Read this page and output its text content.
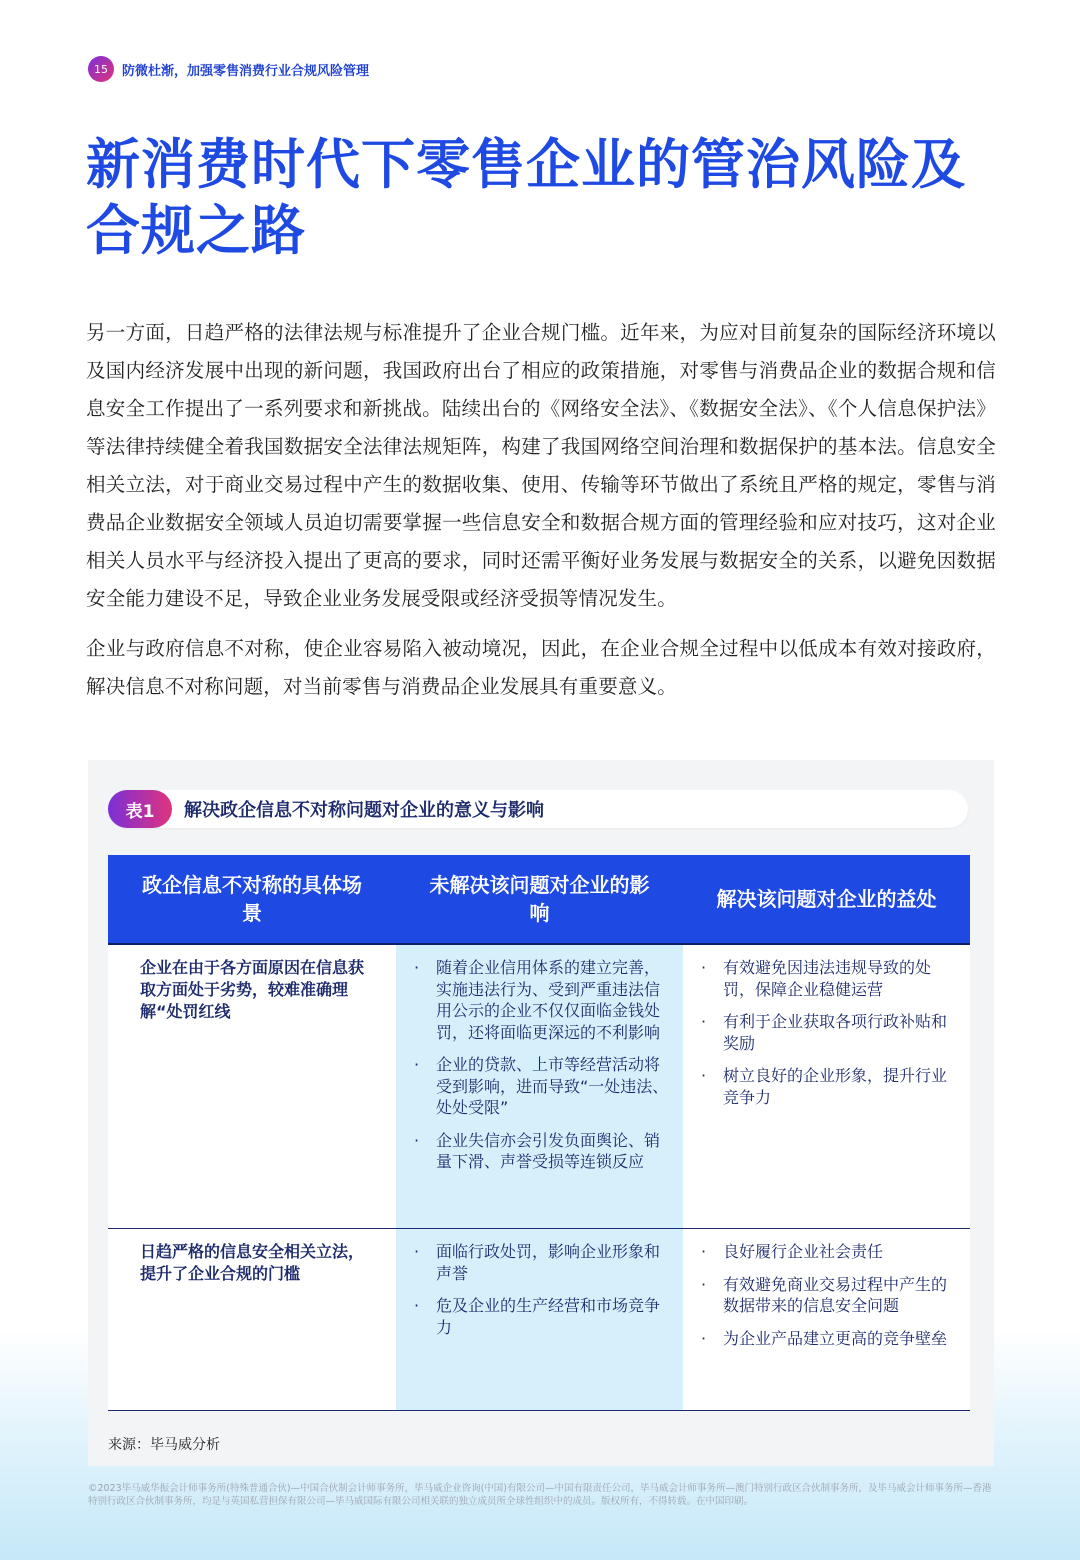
15	防微杜渐，加强零售消费行业合规风险管理
新消费时代下零售企业的管治风险及合规之路

另一方面，日趋严格的法律法规与标准提升了企业合规门槛。近年来，为应对目前复杂的国际经济环境以及国内经济发展中出现的新问题，我国政府出台了相应的政策措施，对零售与消费品企业的数据合规和信息安全工作提出了一系列要求和新挑战。陆续出台的《网络安全法》、《数据安全法》、《个人信息保护法》等法律持续健全着我国数据安全法律法规矩阵，构建了我国网络空间治理和数据保护的基本法。信息安全相关立法，对于商业交易过程中产生的数据收集、使用、传输等环节做出了系统且严格的规定，零售与消费品企业数据安全领域人员迫切需要掌握一些信息安全和数据合规方面的管理经验和应对技巧，这对企业相关人员水平与经济投入提出了更高的要求，同时还需平衡好业务发展与数据安全的关系，以避免因数据安全能力建设不足，导致企业业务发展受限或经济受损等情况发生。

企业与政府信息不对称，使企业容易陷入被动境况，因此，在企业合规全过程中以低成本有效对接政府，解决信息不对称问题，对当前零售与消费品企业发展具有重要意义。

表1	解决政企信息不对称问题对企业的意义与影响
政企信息不对称的具体场景
未解决该问题对企业的影响
解决该问题对企业的益处
企业在由于各方面原因在信息获取方面处于劣势，较难准确理解“处罚红线
· 随着企业信用体系的建立完善，实施违法行为、受到严重违法信用公示的企业不仅仅面临金钱处罚，还将面临更深远的不利影响
· 企业的贷款、上市等经营活动将受到影响，进而导致“一处违法、处处受限”
· 企业失信亦会引发负面舆论、销量下滑、声誉受损等连锁反应
· 有效避免因违法违规导致的处罚，保障企业稳健运营
· 有利于企业获取各项行政补贴和奖励
· 树立良好的企业形象，提升行业竞争力
日趋严格的信息安全相关立法，提升了企业合规的门槛
· 面临行政处罚，影响企业形象和声誉
· 危及企业的生产经营和市场竞争力
· 良好履行企业社会责任
· 有效避免商业交易过程中产生的数据带来的信息安全问题
· 为企业产品建立更高的竞争壁垒
来源：毕马威分析
©2023毕马威华振会计师事务所(特殊普通合伙)—中国合伙制会计师事务所，毕马威企业咨询(中国)有限公司—中国有限责任公司，毕马威会计师事务所—澳门特别行政区合伙制事务所，及毕马威会计师事务所—香港特别行政区合伙制事务所，均是与英国私营担保有限公司—毕马威国际有限公司相关联的独立成员所全球性组织中的成员。版权所有，不得转载。在中国印刷。
